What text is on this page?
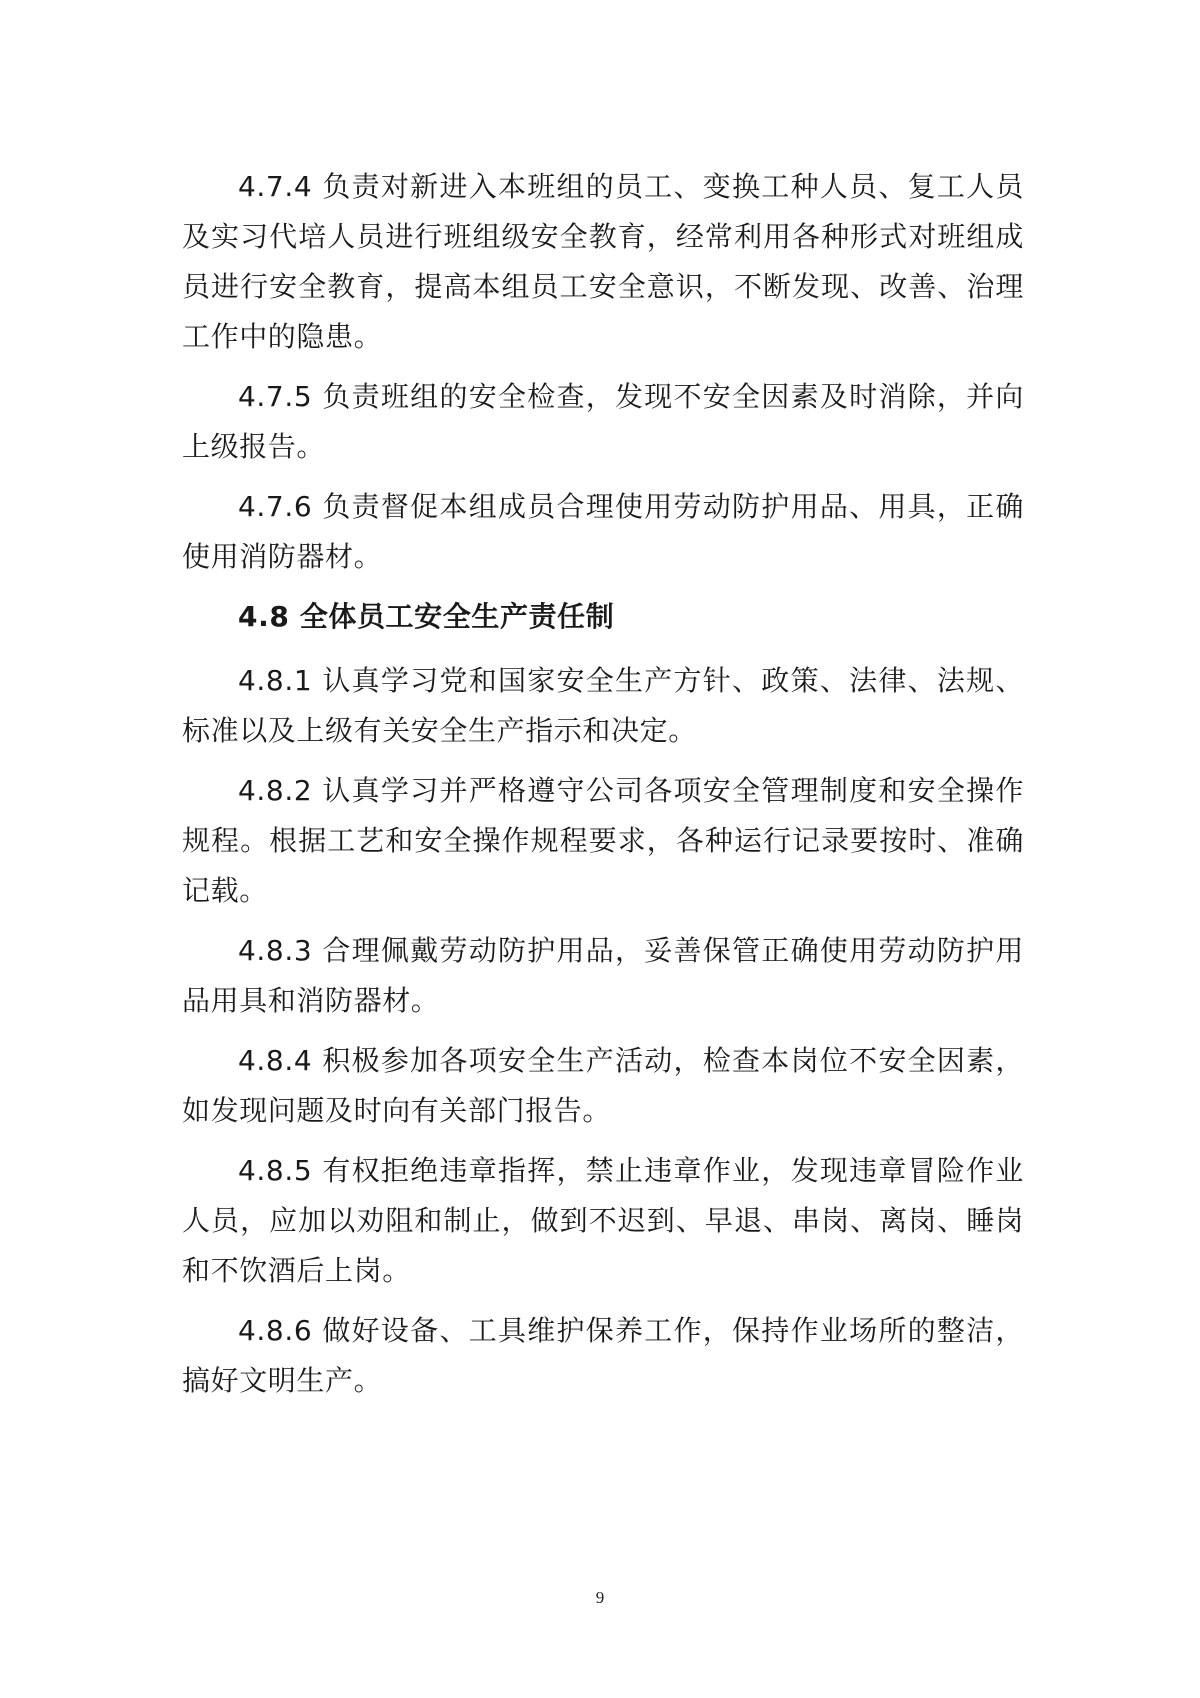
4.7.4 负责对新进入本班组的员工、变换工种人员、复工人员及实习代培人员进行班组级安全教育，经常利用各种形式对班组成员进行安全教育，提高本组员工安全意识，不断发现、改善、治理工作中的隐患。

4.7.5 负责班组的安全检查，发现不安全因素及时消除，并向上级报告。

4.7.6 负责督促本组成员合理使用劳动防护用品、用具，正确使用消防器材。

4.8 全体员工安全生产责任制

4.8.1 认真学习党和国家安全生产方针、政策、法律、法规、标准以及上级有关安全生产指示和决定。

4.8.2 认真学习并严格遵守公司各项安全管理制度和安全操作规程。根据工艺和安全操作规程要求，各种运行记录要按时、准确记载。

4.8.3 合理佩戴劳动防护用品，妥善保管正确使用劳动防护用品用具和消防器材。

4.8.4 积极参加各项安全生产活动，检查本岗位不安全因素，如发现问题及时向有关部门报告。

4.8.5 有权拒绝违章指挥，禁止违章作业，发现违章冒险作业人员，应加以劝阻和制止，做到不迟到、早退、串岗、离岗、睡岗和不饮酒后上岗。

4.8.6 做好设备、工具维护保养工作，保持作业场所的整洁，搞好文明生产。

9
